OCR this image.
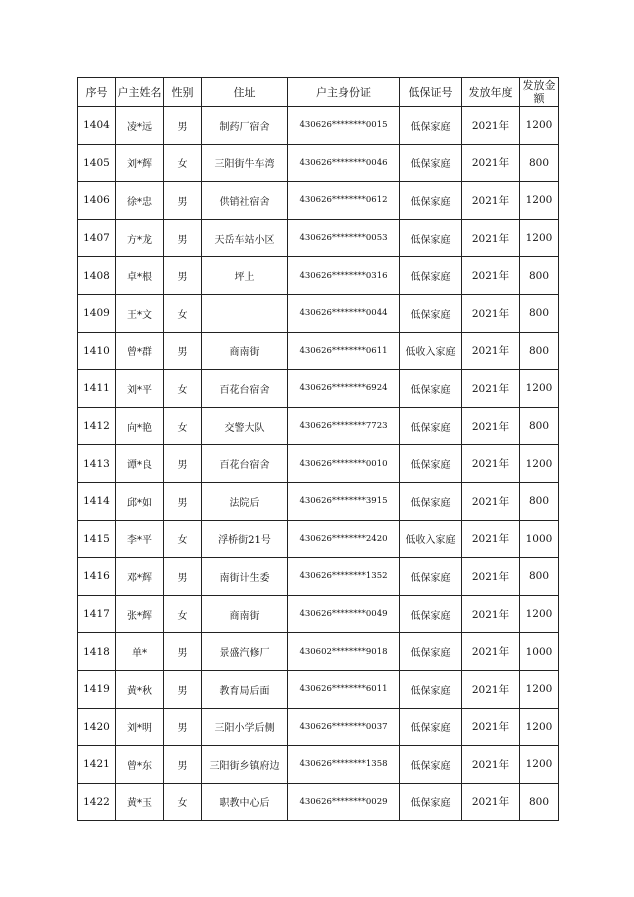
序号	户主姓名	性别	住址	户主身份证	低保证号	发放年度	发放金额
1404	凌*远	男	制药厂宿舍	430626********0015	低保家庭	2021年	1200
1405	刘*辉	女	三阳街牛车湾	430626********0046	低保家庭	2021年	800
1406	徐*忠	男	供销社宿舍	430626********0612	低保家庭	2021年	1200
1407	方*龙	男	天岳车站小区	430626********0053	低保家庭	2021年	1200
1408	卓*根	男	坪上	430626********0316	低保家庭	2021年	800
1409	王*文	女		430626********0044	低保家庭	2021年	800
1410	曾*群	男	商南街	430626********0611	低收入家庭	2021年	800
1411	刘*平	女	百花台宿舍	430626********6924	低保家庭	2021年	1200
1412	向*艳	女	交警大队	430626********7723	低保家庭	2021年	800
1413	谭*良	男	百花台宿舍	430626********0010	低保家庭	2021年	1200
1414	邱*如	男	法院后	430626********3915	低保家庭	2021年	800
1415	李*平	女	浮桥街21号	430626********2420	低收入家庭	2021年	1000
1416	邓*辉	男	南街计生委	430626********1352	低保家庭	2021年	800
1417	张*辉	女	商南街	430626********0049	低保家庭	2021年	1200
1418	单*	男	景盛汽修厂	430602********9018	低保家庭	2021年	1000
1419	黄*秋	男	教育局后面	430626********6011	低保家庭	2021年	1200
1420	刘*明	男	三阳小学后侧	430626********0037	低保家庭	2021年	1200
1421	曾*东	男	三阳街乡镇府边	430626********1358	低保家庭	2021年	1200
1422	黄*玉	女	职教中心后	430626********0029	低保家庭	2021年	800
